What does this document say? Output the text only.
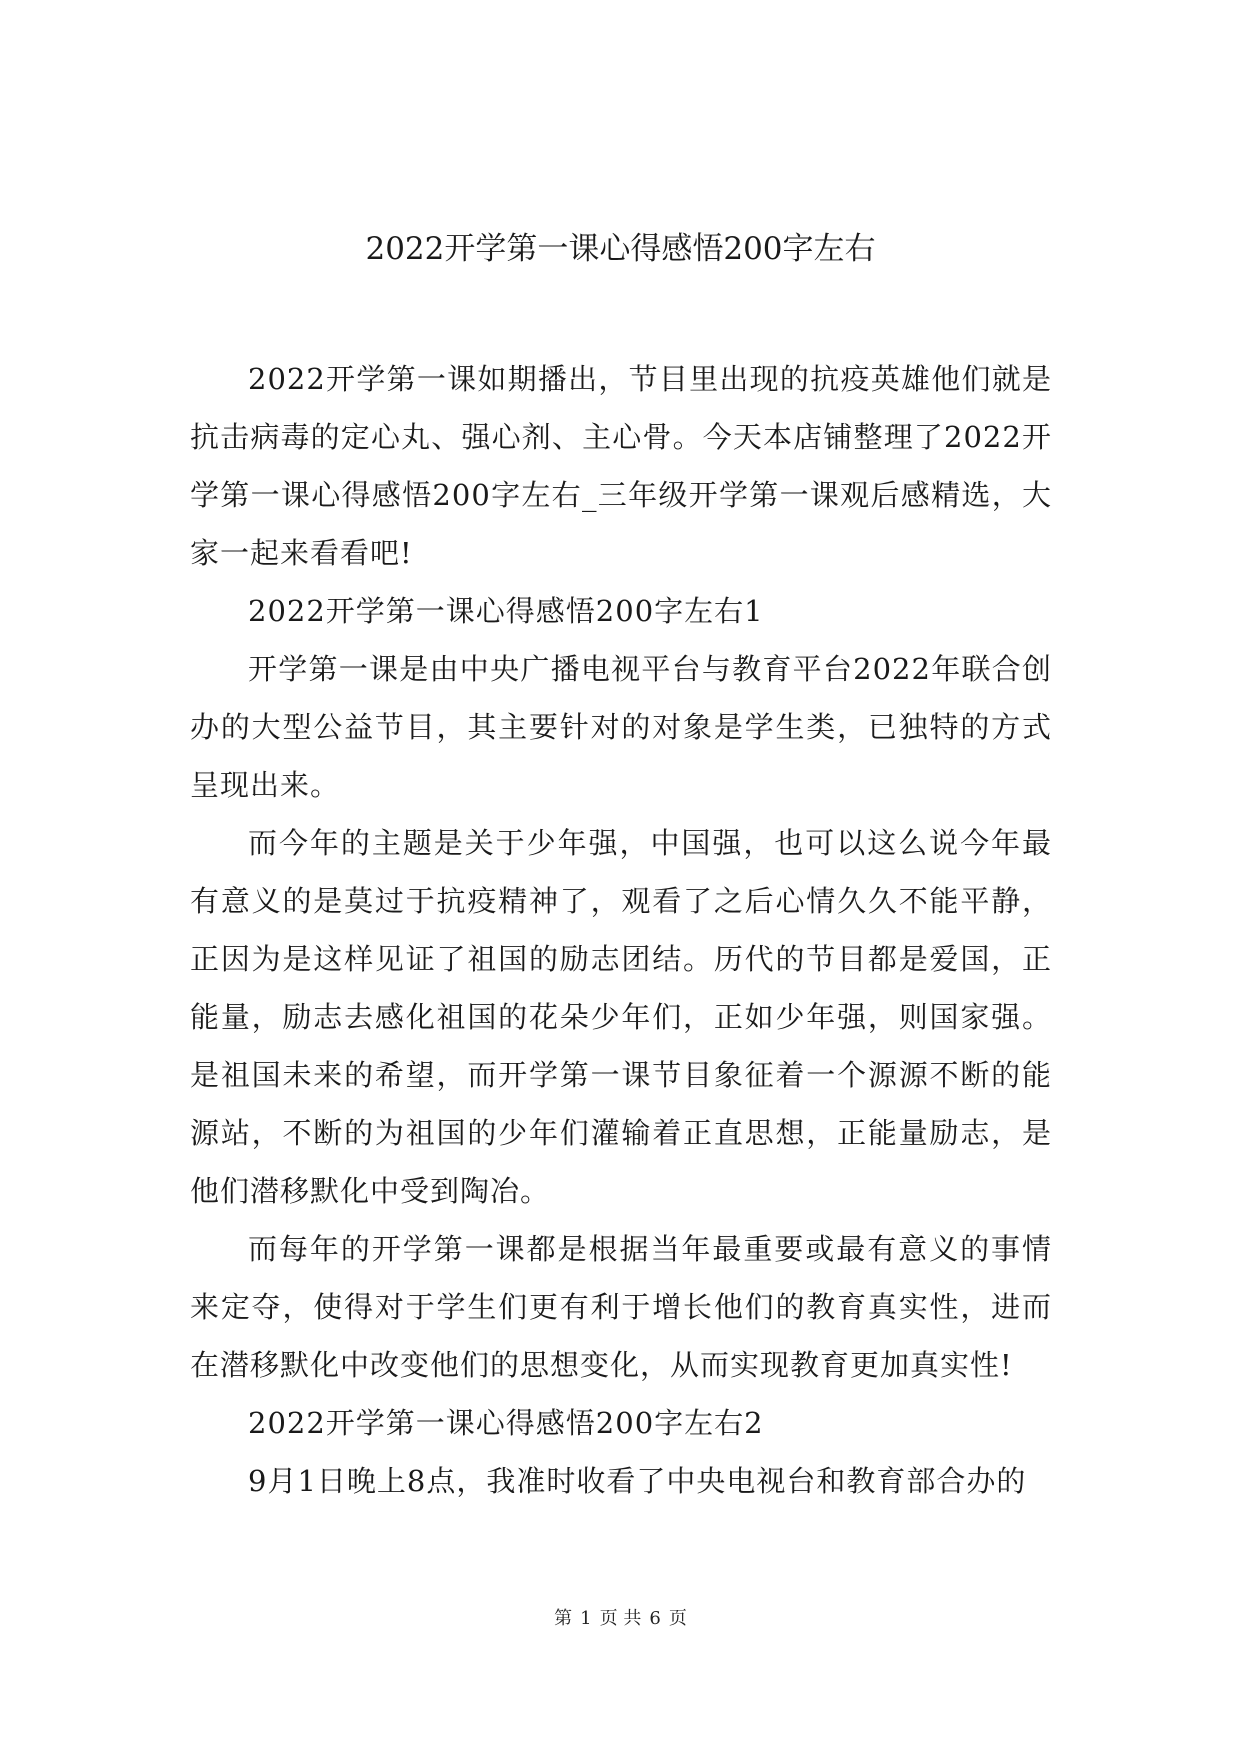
2022开学第一课心得感悟200字左右

2022开学第一课如期播出，节目里出现的抗疫英雄他们就是抗击病毒的定心丸、强心剂、主心骨。今天本店铺整理了2022开学第一课心得感悟200字左右_三年级开学第一课观后感精选，大家一起来看看吧!

2022开学第一课心得感悟200字左右1

开学第一课是由中央广播电视平台与教育平台2022年联合创办的大型公益节目，其主要针对的对象是学生类，已独特的方式呈现出来。

而今年的主题是关于少年强，中国强，也可以这么说今年最有意义的是莫过于抗疫精神了，观看了之后心情久久不能平静，正因为是这样见证了祖国的励志团结。历代的节目都是爱国，正能量，励志去感化祖国的花朵少年们，正如少年强，则国家强。是祖国未来的希望，而开学第一课节目象征着一个源源不断的能源站，不断的为祖国的少年们灌输着正直思想，正能量励志，是他们潜移默化中受到陶冶。

而每年的开学第一课都是根据当年最重要或最有意义的事情来定夺，使得对于学生们更有利于增长他们的教育真实性，进而在潜移默化中改变他们的思想变化，从而实现教育更加真实性!

2022开学第一课心得感悟200字左右2

9月1日晚上8点，我准时收看了中央电视台和教育部合办的

第 1 页 共 6 页
